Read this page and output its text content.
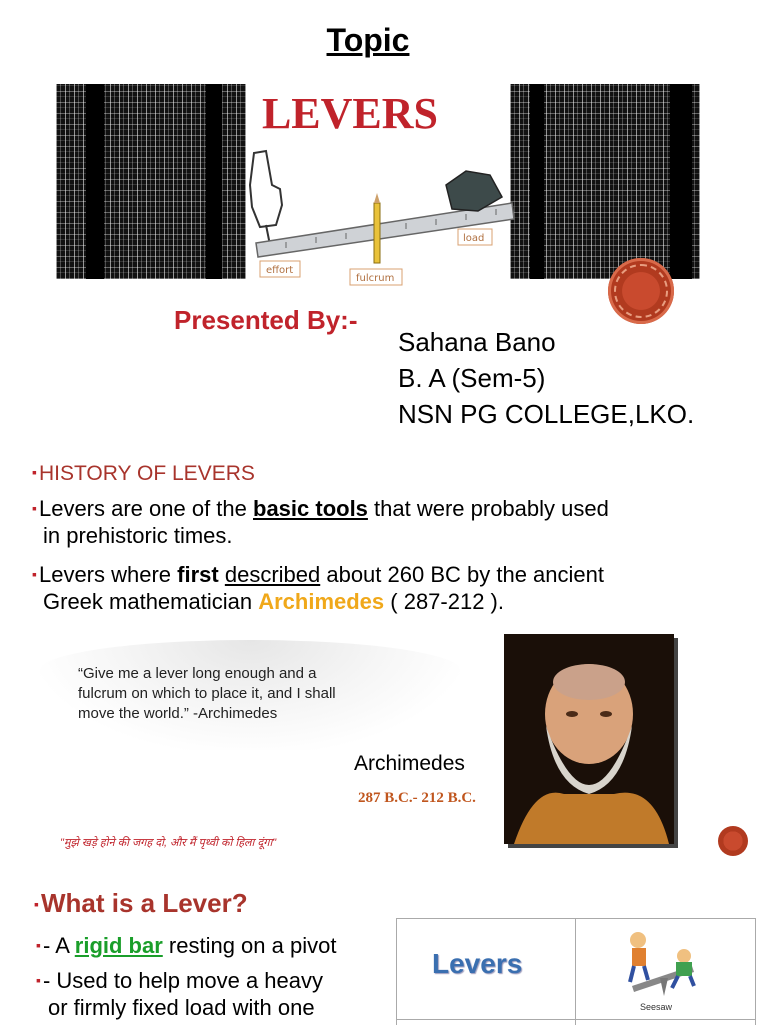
Topic
LEVERS
effort
fulcrum
load
Presented By:-
Sahana Bano
B. A (Sem-5)
NSN PG COLLEGE,LKO.
▪HISTORY OF LEVERS
▪Levers are one of the basic tools that were probably used
in prehistoric times.
▪Levers where first described about 260 BC by the ancient
Greek mathematician Archimedes ( 287-212 ).
“Give me a lever long enough and a
fulcrum on which to place it, and I shall
move the world.” -Archimedes
Archimedes
287 B.C.- 212 B.C.
"मुझे खड़े होने की जगह दो, और मैं पृथ्वी को हिला दूंगा"
▪What is a Lever?
▪- A rigid bar resting on a pivot
▪- Used to help move a heavy
or firmly fixed load with one
Levers
Seesaw
